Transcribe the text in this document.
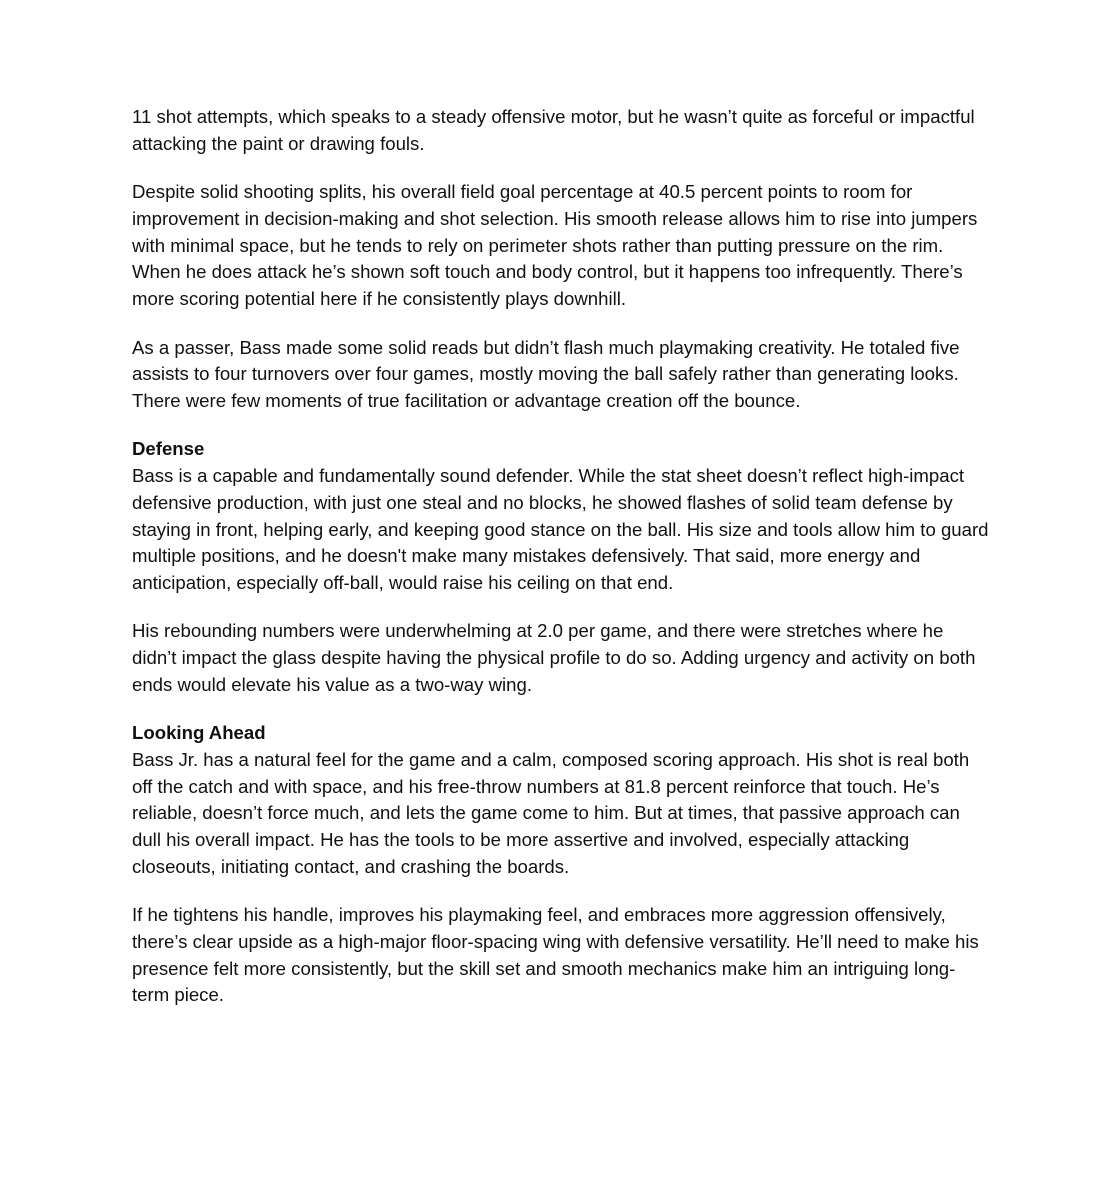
11 shot attempts, which speaks to a steady offensive motor, but he wasn’t quite as forceful or impactful attacking the paint or drawing fouls.

Despite solid shooting splits, his overall field goal percentage at 40.5 percent points to room for improvement in decision-making and shot selection. His smooth release allows him to rise into jumpers with minimal space, but he tends to rely on perimeter shots rather than putting pressure on the rim. When he does attack he’s shown soft touch and body control, but it happens too infrequently. There’s more scoring potential here if he consistently plays downhill.

As a passer, Bass made some solid reads but didn’t flash much playmaking creativity. He totaled five assists to four turnovers over four games, mostly moving the ball safely rather than generating looks. There were few moments of true facilitation or advantage creation off the bounce.

Defense

Bass is a capable and fundamentally sound defender. While the stat sheet doesn’t reflect high-impact defensive production, with just one steal and no blocks, he showed flashes of solid team defense by staying in front, helping early, and keeping good stance on the ball. His size and tools allow him to guard multiple positions, and he doesn't make many mistakes defensively. That said, more energy and anticipation, especially off-ball, would raise his ceiling on that end.

His rebounding numbers were underwhelming at 2.0 per game, and there were stretches where he didn’t impact the glass despite having the physical profile to do so. Adding urgency and activity on both ends would elevate his value as a two-way wing.

Looking Ahead

Bass Jr. has a natural feel for the game and a calm, composed scoring approach. His shot is real both off the catch and with space, and his free-throw numbers at 81.8 percent reinforce that touch. He’s reliable, doesn’t force much, and lets the game come to him. But at times, that passive approach can dull his overall impact. He has the tools to be more assertive and involved, especially attacking closeouts, initiating contact, and crashing the boards.

If he tightens his handle, improves his playmaking feel, and embraces more aggression offensively, there’s clear upside as a high-major floor-spacing wing with defensive versatility. He’ll need to make his presence felt more consistently, but the skill set and smooth mechanics make him an intriguing long-term piece.
